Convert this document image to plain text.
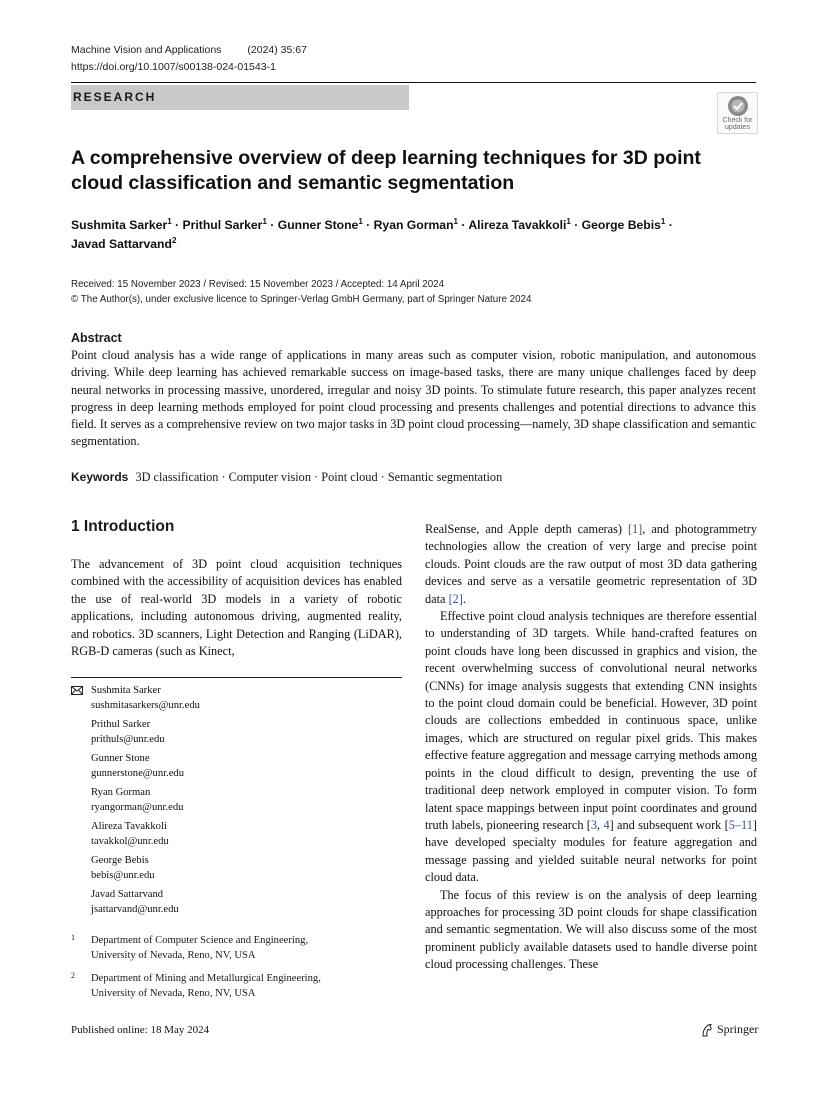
Machine Vision and Applications (2024) 35:67
https://doi.org/10.1007/s00138-024-01543-1
RESEARCH
Check for
updates
A comprehensive overview of deep learning techniques for 3D point cloud classification and semantic segmentation
Sushmita Sarker$^1$ · Prithul Sarker$^1$ · Gunner Stone$^1$ · Ryan Gorman$^1$ · Alireza Tavakkoli$^1$ · George Bebis$^1$ ·
Javad Sattarvand$^2$
Received: 15 November 2023 / Revised: 15 November 2023 / Accepted: 14 April 2024
© The Author(s), under exclusive licence to Springer-Verlag GmbH Germany, part of Springer Nature 2024
Abstract
Point cloud analysis has a wide range of applications in many areas such as computer vision, robotic manipulation, and autonomous driving. While deep learning has achieved remarkable success on image-based tasks, there are many unique challenges faced by deep neural networks in processing massive, unordered, irregular and noisy 3D points. To stimulate future research, this paper analyzes recent progress in deep learning methods employed for point cloud processing and presents challenges and potential directions to advance this field. It serves as a comprehensive review on two major tasks in 3D point cloud processing—namely, 3D shape classification and semantic segmentation.
Keywords 3D classification · Computer vision · Point cloud · Semantic segmentation
1 Introduction

The advancement of 3D point cloud acquisition techniques combined with the accessibility of acquisition devices has enabled the use of real-world 3D models in a variety of robotic applications, including autonomous driving, augmented reality, and robotics. 3D scanners, Light Detection and Ranging (LiDAR), RGB-D cameras (such as Kinect,

Sushmita Sarker
sushmitasarkers@unr.edu
Prithul Sarker
prithuls@unr.edu
Gunner Stone
gunnerstone@unr.edu
Ryan Gorman
ryangorman@unr.edu
Alireza Tavakkoli
tavakkol@unr.edu
George Bebis
bebis@unr.edu
Javad Sattarvand
jsattarvand@unr.edu
1 Department of Computer Science and Engineering,
University of Nevada, Reno, NV, USA
2 Department of Mining and Metallurgical Engineering,
University of Nevada, Reno, NV, USA

RealSense, and Apple depth cameras) [1], and photogrammetry technologies allow the creation of very large and precise point clouds. Point clouds are the raw output of most 3D data gathering devices and serve as a versatile geometric representation of 3D data [2].

Effective point cloud analysis techniques are therefore essential to understanding of 3D targets. While hand-crafted features on point clouds have long been discussed in graphics and vision, the recent overwhelming success of convolutional neural networks (CNNs) for image analysis suggests that extending CNN insights to the point cloud domain could be beneficial. However, 3D point clouds are collections embedded in continuous space, unlike images, which are structured on regular pixel grids. This makes effective feature aggregation and message carrying methods among points in the cloud difficult to design, preventing the use of traditional deep network employed in computer vision. To form latent space mappings between input point coordinates and ground truth labels, pioneering research [3, 4] and subsequent work [5–11] have developed specialty modules for feature aggregation and message passing and yielded suitable neural networks for point cloud data.

The focus of this review is on the analysis of deep learning approaches for processing 3D point clouds for shape classification and semantic segmentation. We will also discuss some of the most prominent publicly available datasets used to handle diverse point cloud processing challenges. These

Published online: 18 May 2024	Springer
